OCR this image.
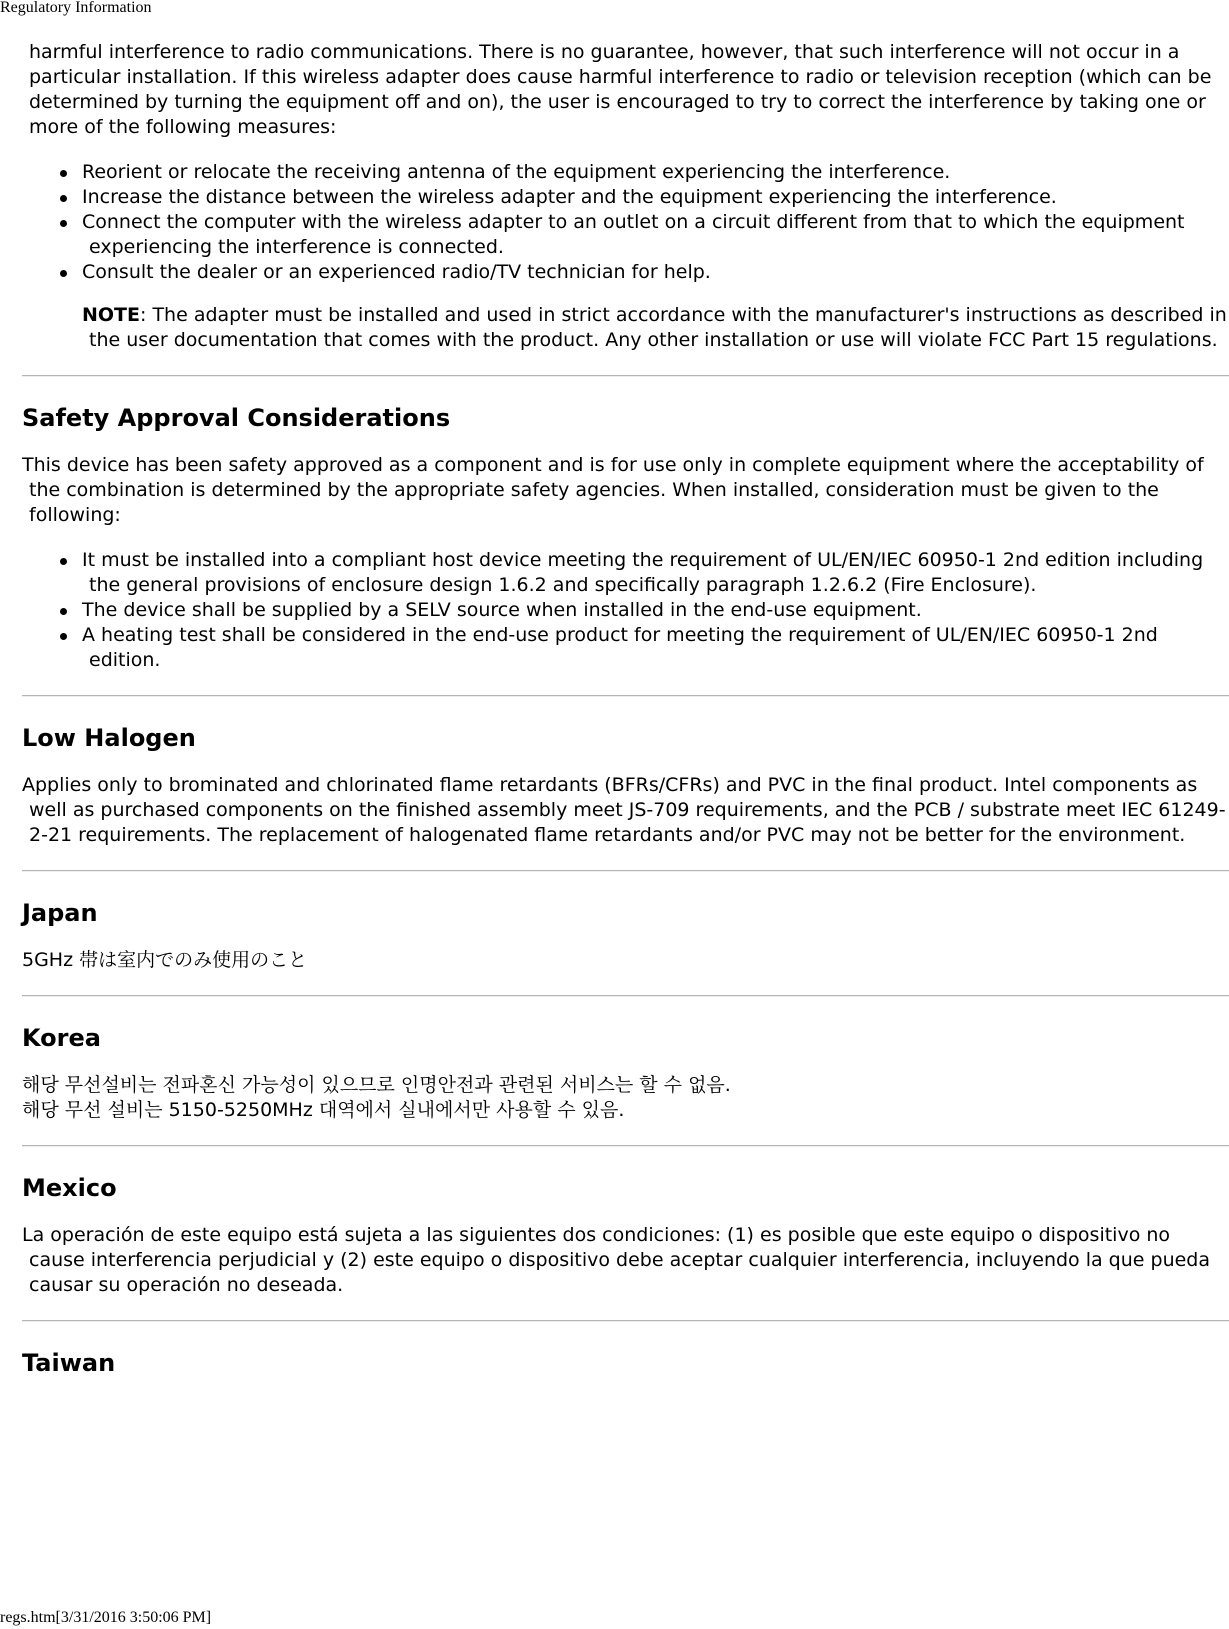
Regulatory Information

harmful interference to radio communications. There is no guarantee, however, that such interference will not occur in a particular installation. If this wireless adapter does cause harmful interference to radio or television reception (which can be determined by turning the equipment off and on), the user is encouraged to try to correct the interference by taking one or more of the following measures:

Reorient or relocate the receiving antenna of the equipment experiencing the interference.
Increase the distance between the wireless adapter and the equipment experiencing the interference.
Connect the computer with the wireless adapter to an outlet on a circuit different from that to which the equipment experiencing the interference is connected.
Consult the dealer or an experienced radio/TV technician for help.

NOTE: The adapter must be installed and used in strict accordance with the manufacturer's instructions as described in the user documentation that comes with the product. Any other installation or use will violate FCC Part 15 regulations.

Safety Approval Considerations

This device has been safety approved as a component and is for use only in complete equipment where the acceptability of the combination is determined by the appropriate safety agencies. When installed, consideration must be given to the following:

It must be installed into a compliant host device meeting the requirement of UL/EN/IEC 60950-1 2nd edition including the general provisions of enclosure design 1.6.2 and specifically paragraph 1.2.6.2 (Fire Enclosure).
The device shall be supplied by a SELV source when installed in the end-use equipment.
A heating test shall be considered in the end-use product for meeting the requirement of UL/EN/IEC 60950-1 2nd edition.
Low Halogen

Applies only to brominated and chlorinated flame retardants (BFRs/CFRs) and PVC in the final product. Intel components as well as purchased components on the finished assembly meet JS-709 requirements, and the PCB / substrate meet IEC 61249-2-21 requirements. The replacement of halogenated flame retardants and/or PVC may not be better for the environment.

Japan

5GHz 帯は室内でのみ使用のこと

Korea

해당 무선설비는 전파혼신 가능성이 있으므로 인명안전과 관련된 서비스는 할 수 없음.
해당 무선 설비는 5150-5250MHz 대역에서 실내에서만 사용할 수 있음.

Mexico

La operación de este equipo está sujeta a las siguientes dos condiciones: (1) es posible que este equipo o dispositivo no cause interferencia perjudicial y (2) este equipo o dispositivo debe aceptar cualquier interferencia, incluyendo la que pueda causar su operación no deseada.

Taiwan
regs.htm[3/31/2016 3:50:06 PM]
